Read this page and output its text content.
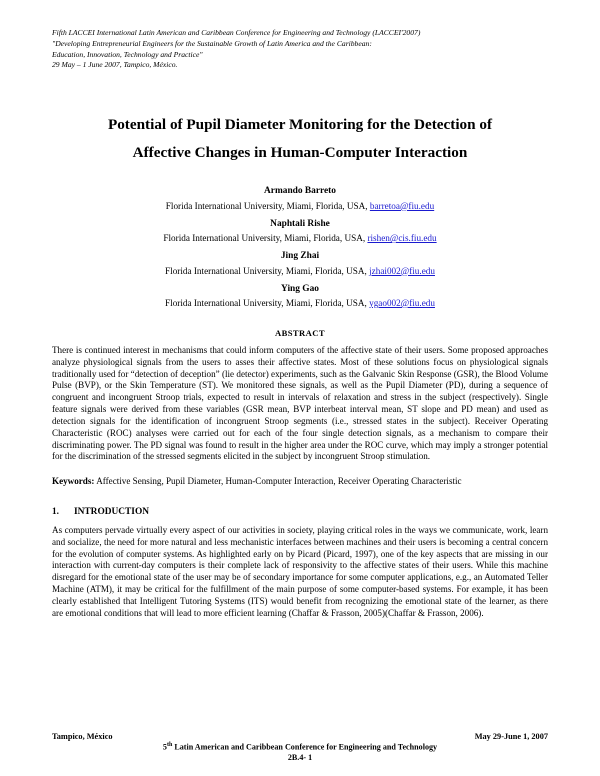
Fifth LACCEI International Latin American and Caribbean Conference for Engineering and Technology (LACCEI'2007)
"Developing Entrepreneurial Engineers for the Sustainable Growth of Latin America and the Caribbean:
Education, Innovation, Technology and Practice"
29 May – 1 June 2007, Tampico, México.
Potential of Pupil Diameter Monitoring for the Detection of
Affective Changes in Human-Computer Interaction
Armando Barreto
Florida International University, Miami, Florida, USA, barretoa@fiu.edu
Naphtali Rishe
Florida International University, Miami, Florida, USA, rishen@cis.fiu.edu
Jing Zhai
Florida International University, Miami, Florida, USA, jzhai002@fiu.edu
Ying Gao
Florida International University, Miami, Florida, USA, ygao002@fiu.edu
ABSTRACT
There is continued interest in mechanisms that could inform computers of the affective state of their users. Some proposed approaches analyze physiological signals from the users to asses their affective states. Most of these solutions focus on physiological signals traditionally used for “detection of deception” (lie detector) experiments, such as the Galvanic Skin Response (GSR), the Blood Volume Pulse (BVP), or the Skin Temperature (ST). We monitored these signals, as well as the Pupil Diameter (PD), during a sequence of congruent and incongruent Stroop trials, expected to result in intervals of relaxation and stress in the subject (respectively). Single feature signals were derived from these variables (GSR mean, BVP interbeat interval mean, ST slope and PD mean) and used as detection signals for the identification of incongruent Stroop segments (i.e., stressed states in the subject). Receiver Operating Characteristic (ROC) analyses were carried out for each of the four single detection signals, as a mechanism to compare their discriminating power. The PD signal was found to result in the higher area under the ROC curve, which may imply a stronger potential for the discrimination of the stressed segments elicited in the subject by incongruent Stroop stimulation.
Keywords: Affective Sensing, Pupil Diameter, Human-Computer Interaction, Receiver Operating Characteristic
1. INTRODUCTION
As computers pervade virtually every aspect of our activities in society, playing critical roles in the ways we communicate, work, learn and socialize, the need for more natural and less mechanistic interfaces between machines and their users is becoming a central concern for the evolution of computer systems. As highlighted early on by Picard (Picard, 1997), one of the key aspects that are missing in our interaction with current-day computers is their complete lack of responsivity to the affective states of their users. While this machine disregard for the emotional state of the user may be of secondary importance for some computer applications, e.g., an Automated Teller Machine (ATM), it may be critical for the fulfillment of the main purpose of some computer-based systems. For example, it has been clearly established that Intelligent Tutoring Systems (ITS) would benefit from recognizing the emotional state of the learner, as there are emotional conditions that will lead to more efficient learning (Chaffar & Frasson, 2005)(Chaffar & Frasson, 2006).
Tampico, México	May 29-June 1, 2007
5th Latin American and Caribbean Conference for Engineering and Technology
2B.4- 1
